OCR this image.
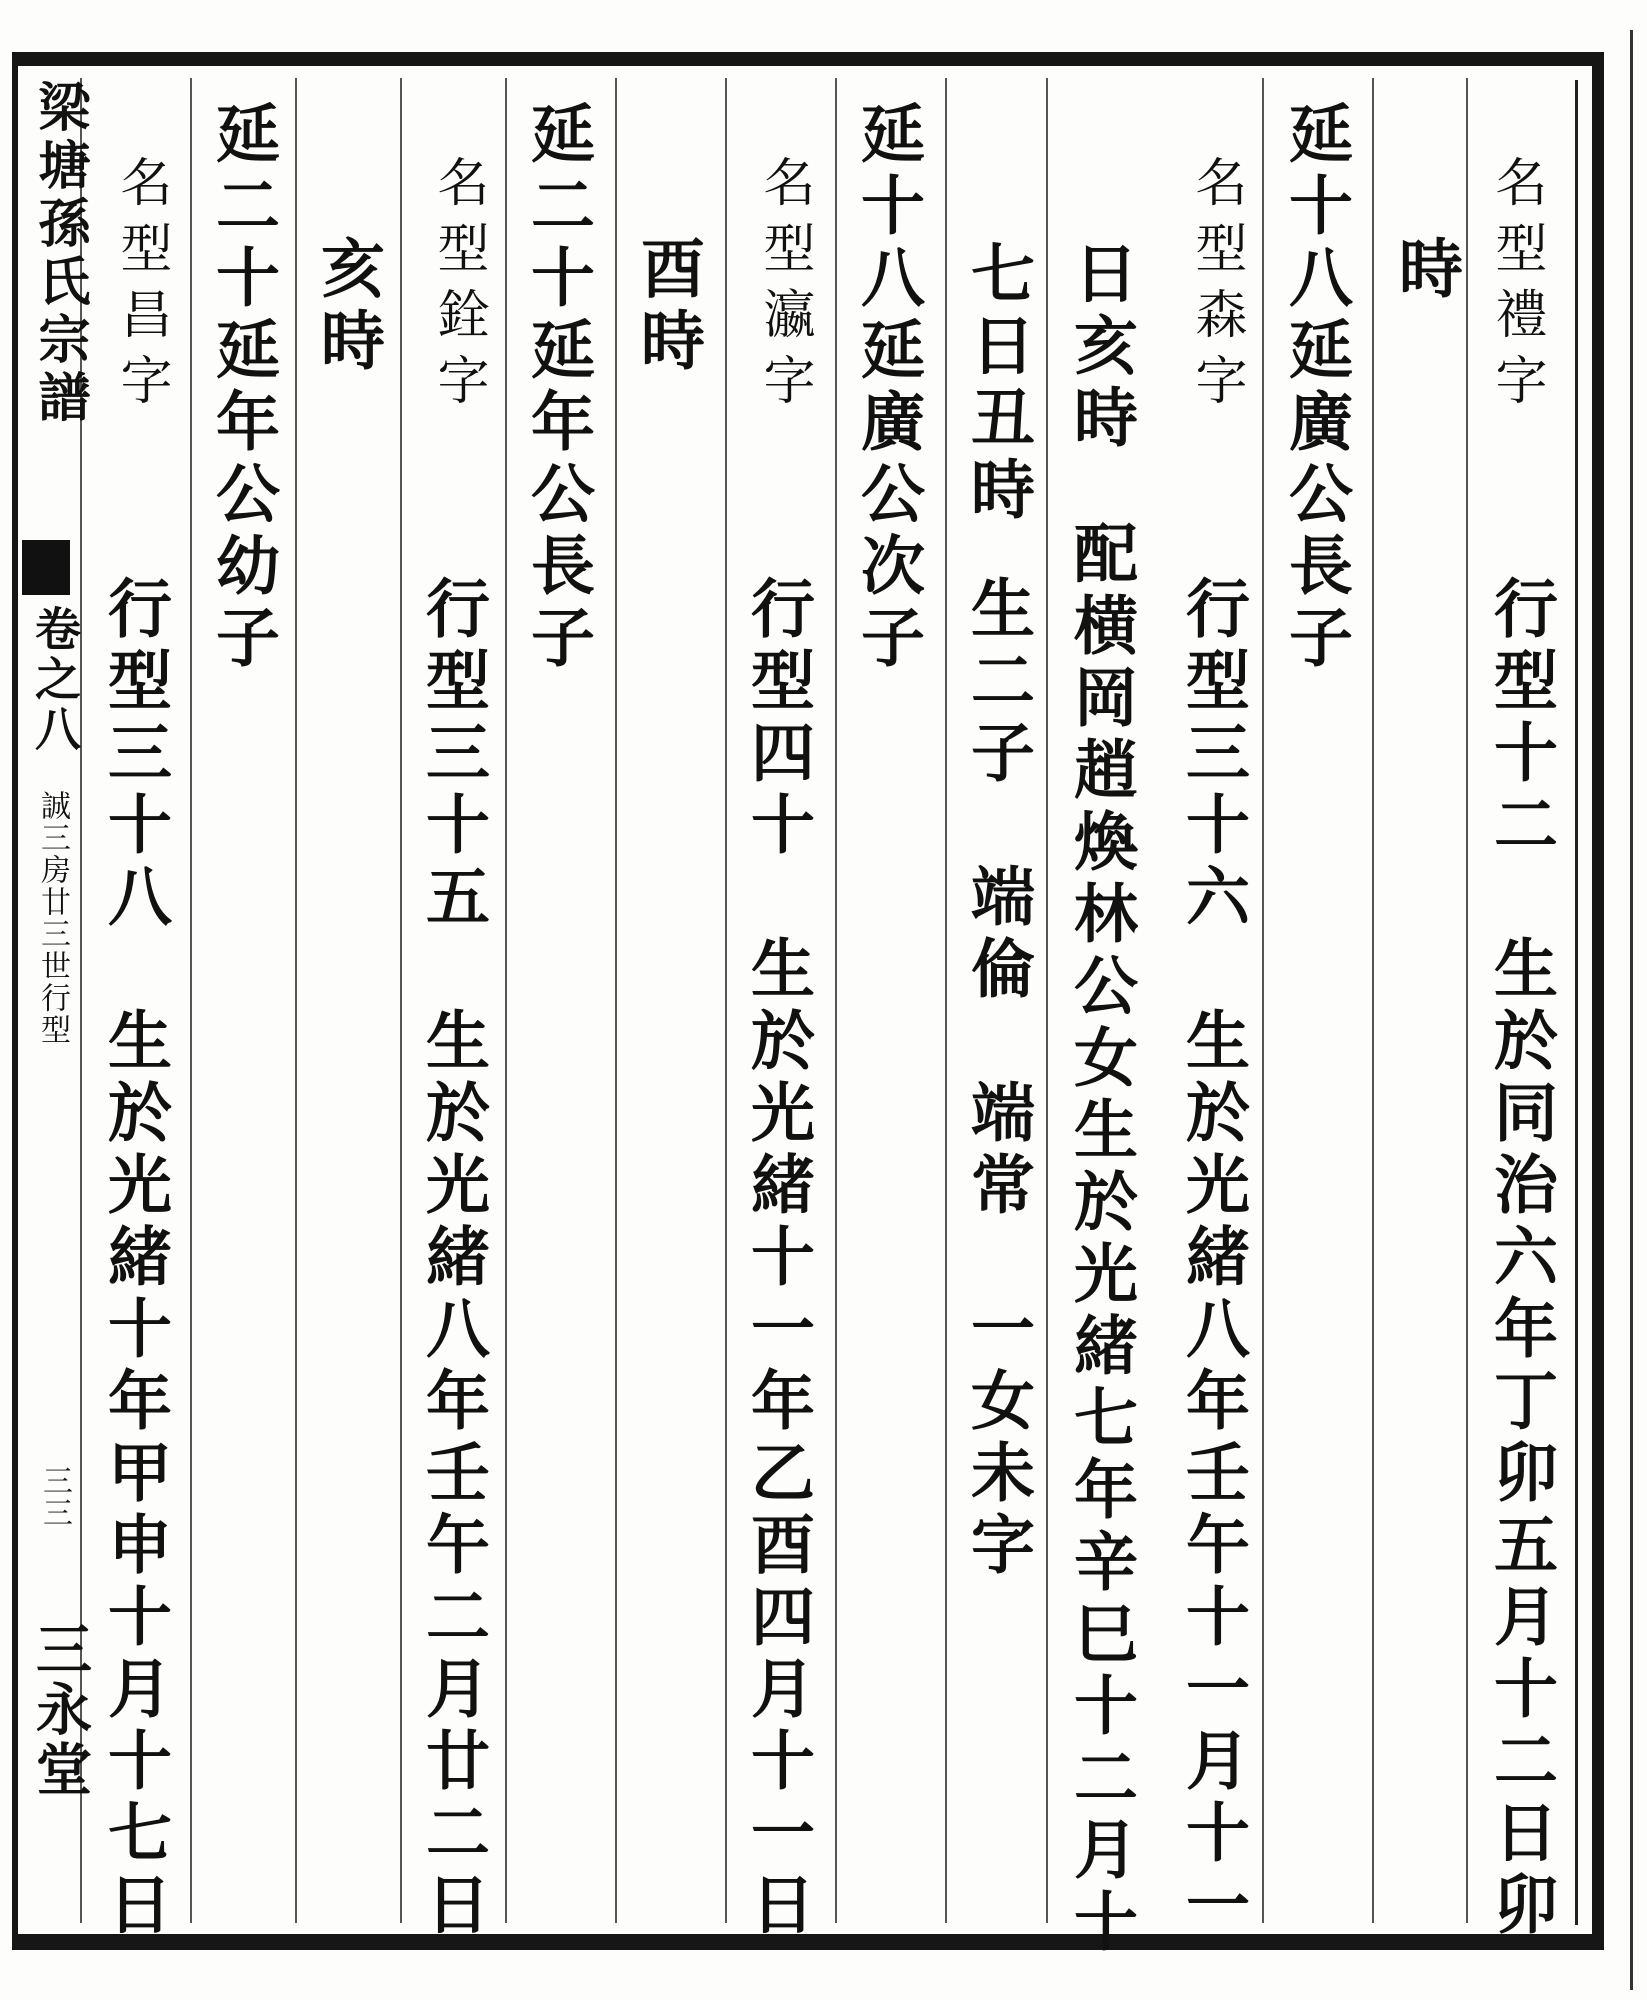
名型禮字
行型十二　生於同治六年丁卯五月十二日卯
時
延十八延廣公長子
名型森字
行型三十六　生於光緒八年壬午十一月十一
日亥時
配横岡趙煥林公女生於光緒七年辛巳十二月十
七日丑時
生二子　端倫　端常　一女未字
延十八延廣公次子
名型瀛字
行型四十　生於光緒十一年乙酉四月十一日
酉時
延二十延年公長子
名型銓字
行型三十五　生於光緒八年壬午二月廿二日
亥時
延二十延年公幼子
名型昌字
行型三十八　生於光緒十年甲申十月十七日
梁塘孫氏宗譜
卷之八
誠三房廿三世行型
三三
三永堂
